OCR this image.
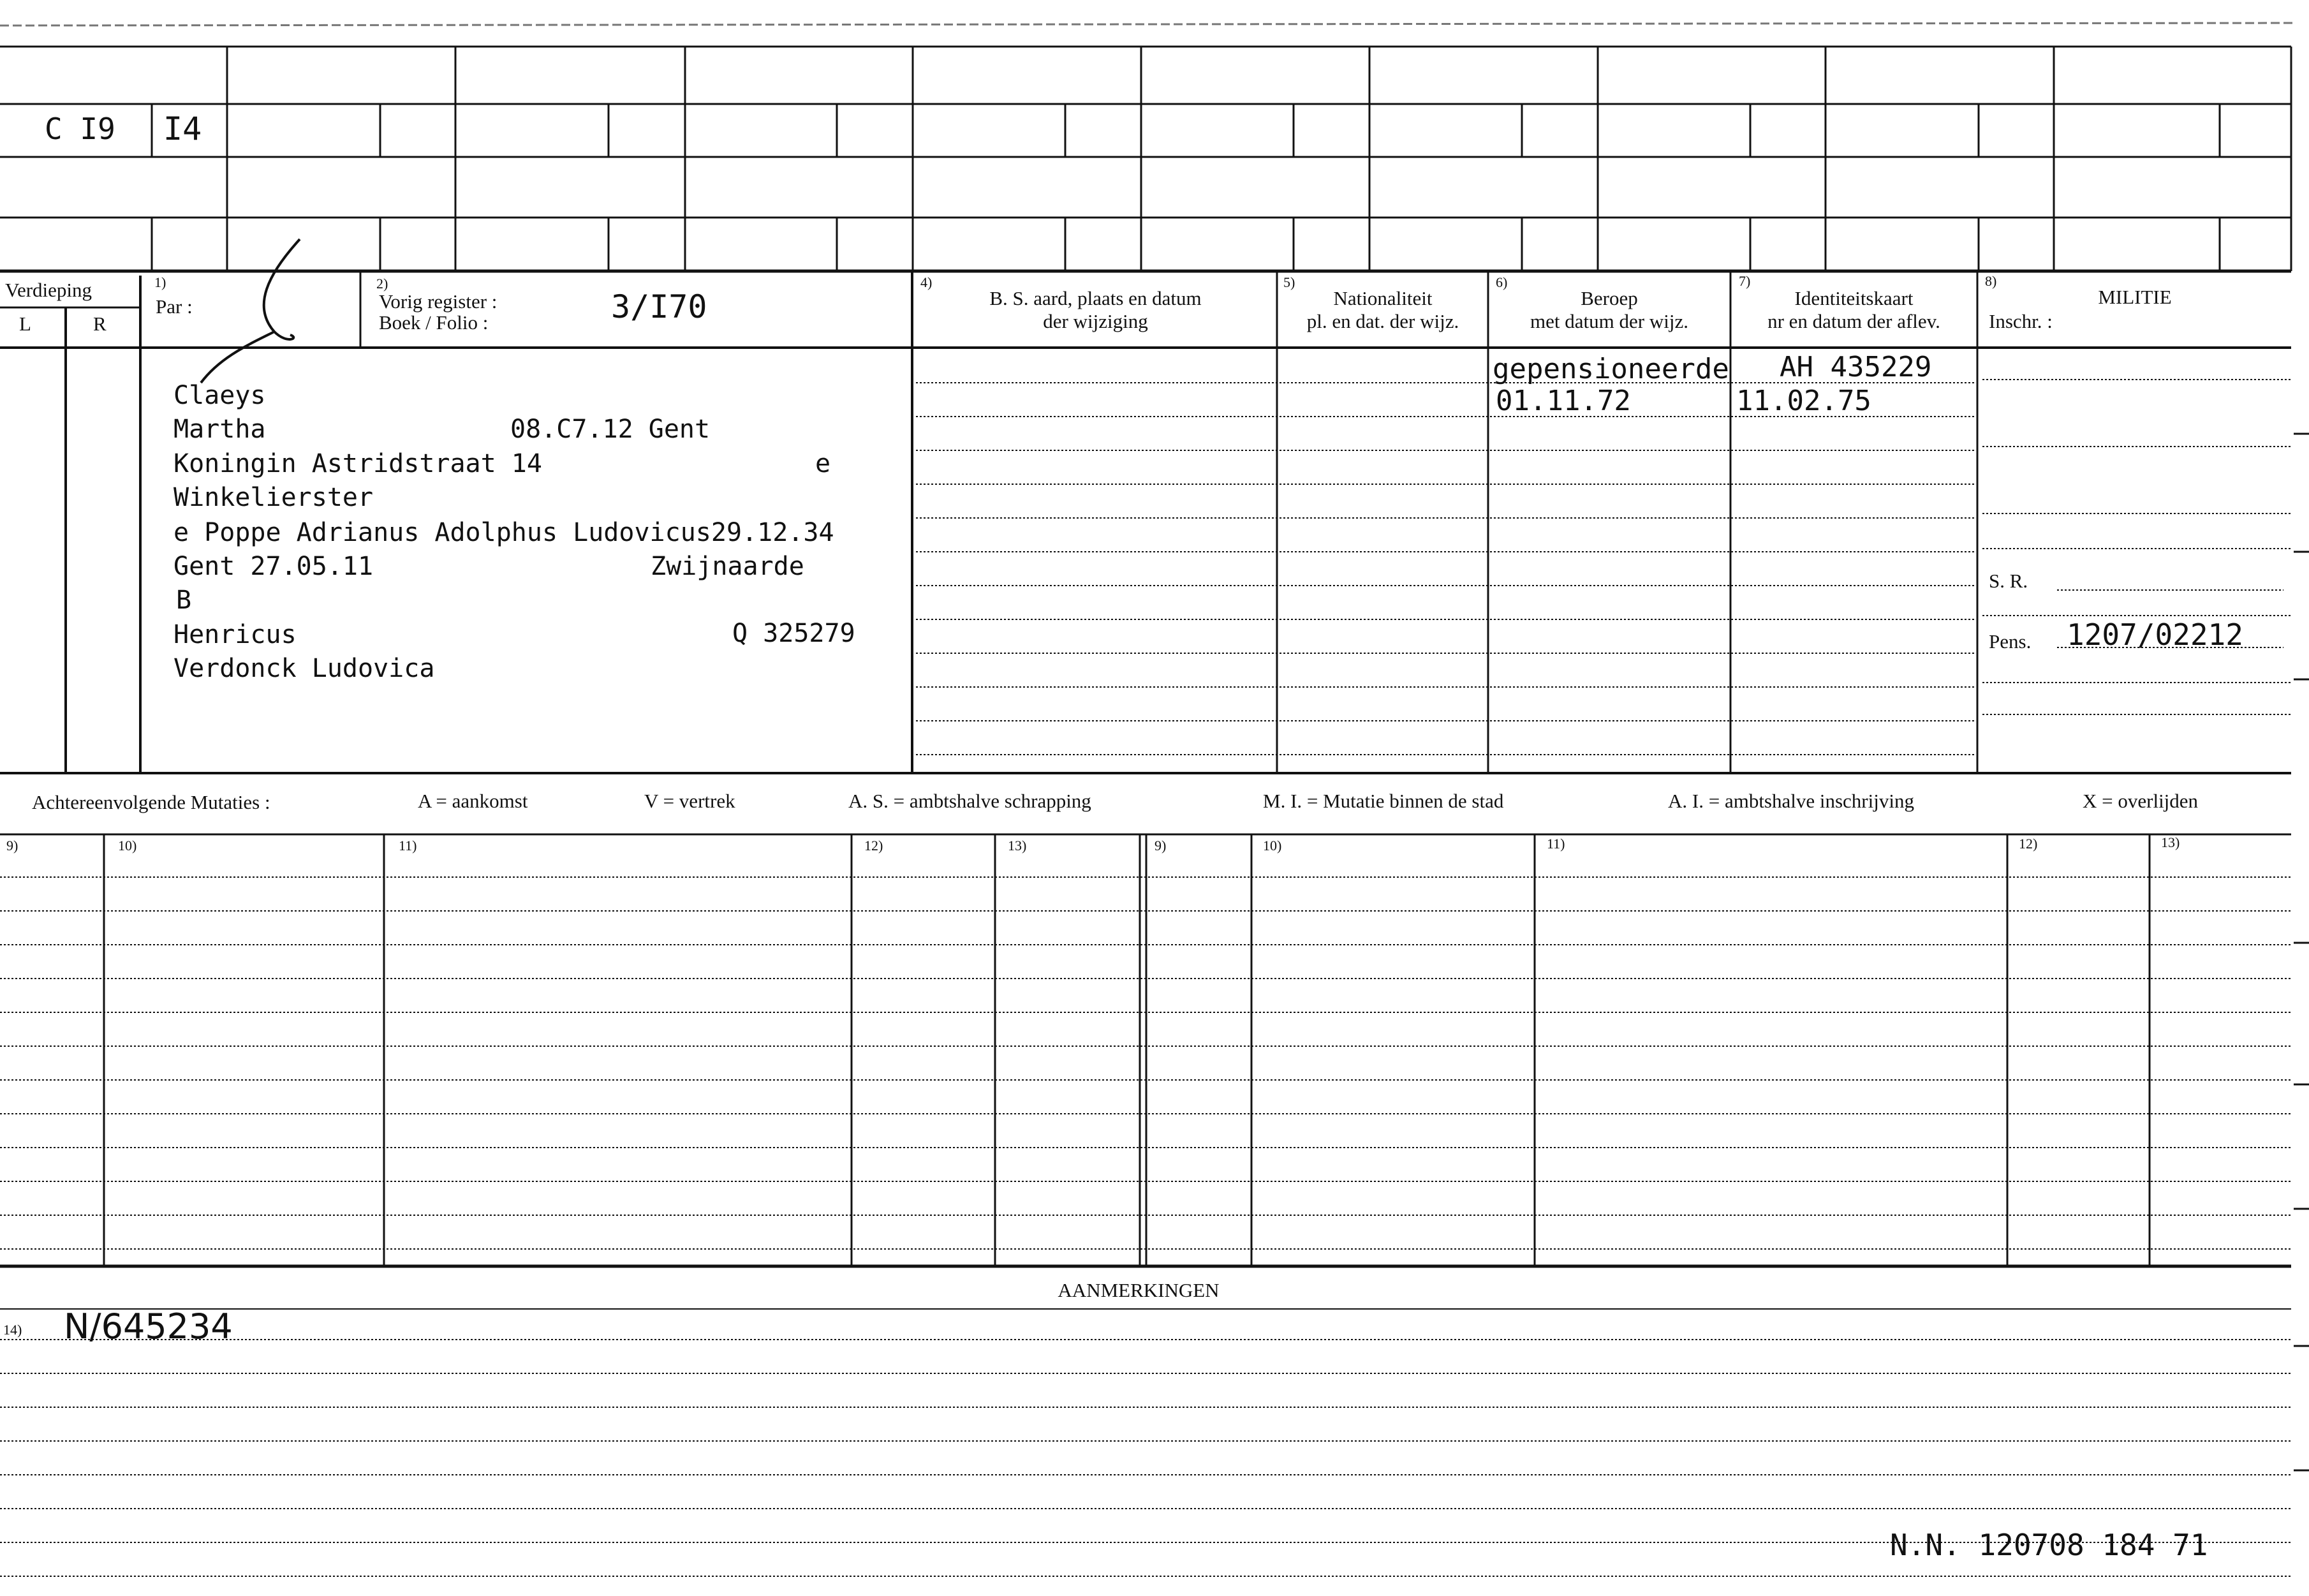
C I9 I4
Verdieping
L	R
1)
Par :
2)
Vorig register :
Boek / Folio :	3/I70
4)
B. S. aard, plaats en datum
der wijziging
5)
Nationaliteit
pl. en dat. der wijz.
6)
Beroep
met datum der wijz.
7)
Identiteitskaart
nr en datum der aflev.
8)
MILITIE
Inschr. :
S. R.
Pens. 1207/02212
Claeys
Martha	08.C7.12 Gent
Koningin Astridstraat 14	e
Winkelierster
e Poppe Adrianus Adolphus Ludovicus29.12.34
Gent 27.05.11	Zwijnaarde
B
Henricus	Q 325279
Verdonck Ludovica
gepensioneerde
01.11.72
AH 435229
11.02.75
Achtereenvolgende Mutaties :	A = aankomst	V = vertrek	A. S. = ambtshalve schrapping	M. I. = Mutatie binnen de stad	A. I. = ambtshalve inschrijving	X = overlijden
9)	10)	11)	12)	13)	9)	10)	11)	12)	13)
AANMERKINGEN
14) N/645234
N.N. 120708 184 71
